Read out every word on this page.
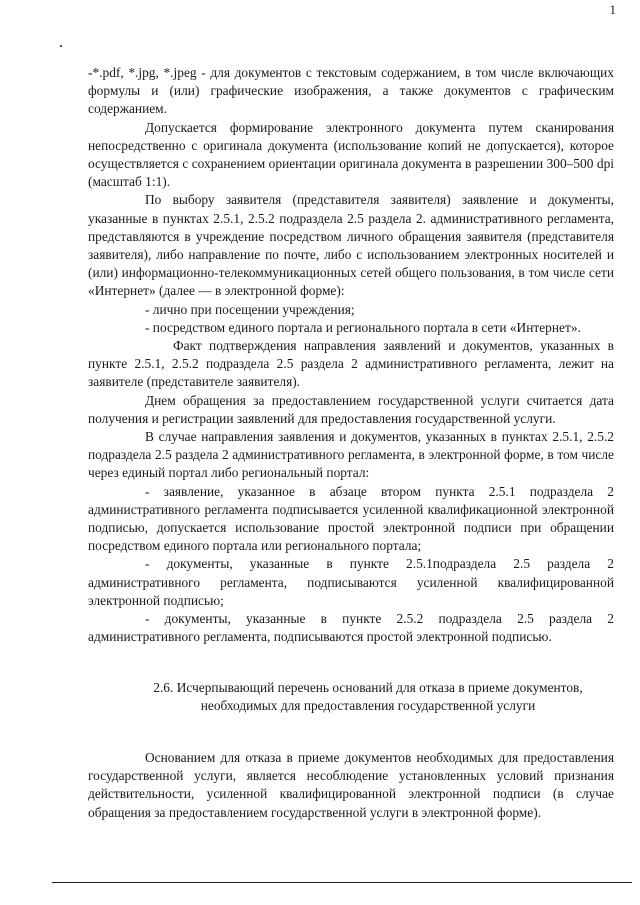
1

-*.pdf, *.jpg, *.jpeg - для документов с текстовым содержанием, в том числе включающих формулы и (или) графические изображения, а также документов с графическим содержанием.

Допускается формирование электронного документа путем сканирования непосредственно с оригинала документа (использование копий не допускается), которое осуществляется с сохранением ориентации оригинала документа в разрешении 300–500 dpi (масштаб 1:1).

По выбору заявителя (представителя заявителя) заявление и документы, указанные в пунктах 2.5.1, 2.5.2 подраздела 2.5 раздела 2. административного регламента, представляются в учреждение посредством личного обращения заявителя (представителя заявителя), либо направление по почте, либо с использованием электронных носителей и (или) информационно-телекоммуникационных сетей общего пользования, в том числе сети «Интернет» (далее — в электронной форме):

- лично при посещении учреждения;

- посредством единого портала и регионального портала в сети «Интернет».

Факт подтверждения направления заявлений и документов, указанных в пункте 2.5.1, 2.5.2 подраздела 2.5 раздела 2 административного регламента, лежит на заявителе (представителе заявителя).

Днем обращения за предоставлением государственной услуги считается дата получения и регистрации заявлений для предоставления государственной услуги.

В случае направления заявления и документов, указанных в пунктах 2.5.1, 2.5.2 подраздела 2.5 раздела 2 административного регламента, в электронной форме, в том числе через единый портал либо региональный портал:

- заявление, указанное в абзаце втором пункта 2.5.1 подраздела 2 административного регламента подписывается усиленной квалификационной электронной подписью, допускается использование простой электронной подписи при обращении посредством единого портала или регионального портала;

- документы, указанные в пункте 2.5.1подраздела 2.5 раздела 2 административного регламента, подписываются усиленной квалифицированной электронной подписью;

- документы, указанные в пункте 2.5.2 подраздела 2.5 раздела 2 административного регламента, подписываются простой электронной подписью.

2.6. Исчерпывающий перечень оснований для отказа в приеме документов, необходимых для предоставления государственной услуги

Основанием для отказа в приеме документов необходимых для предоставления государственной услуги, является несоблюдение установленных условий признания действительности, усиленной квалифицированной электронной подписи (в случае обращения за предоставлением государственной услуги в электронной форме).
